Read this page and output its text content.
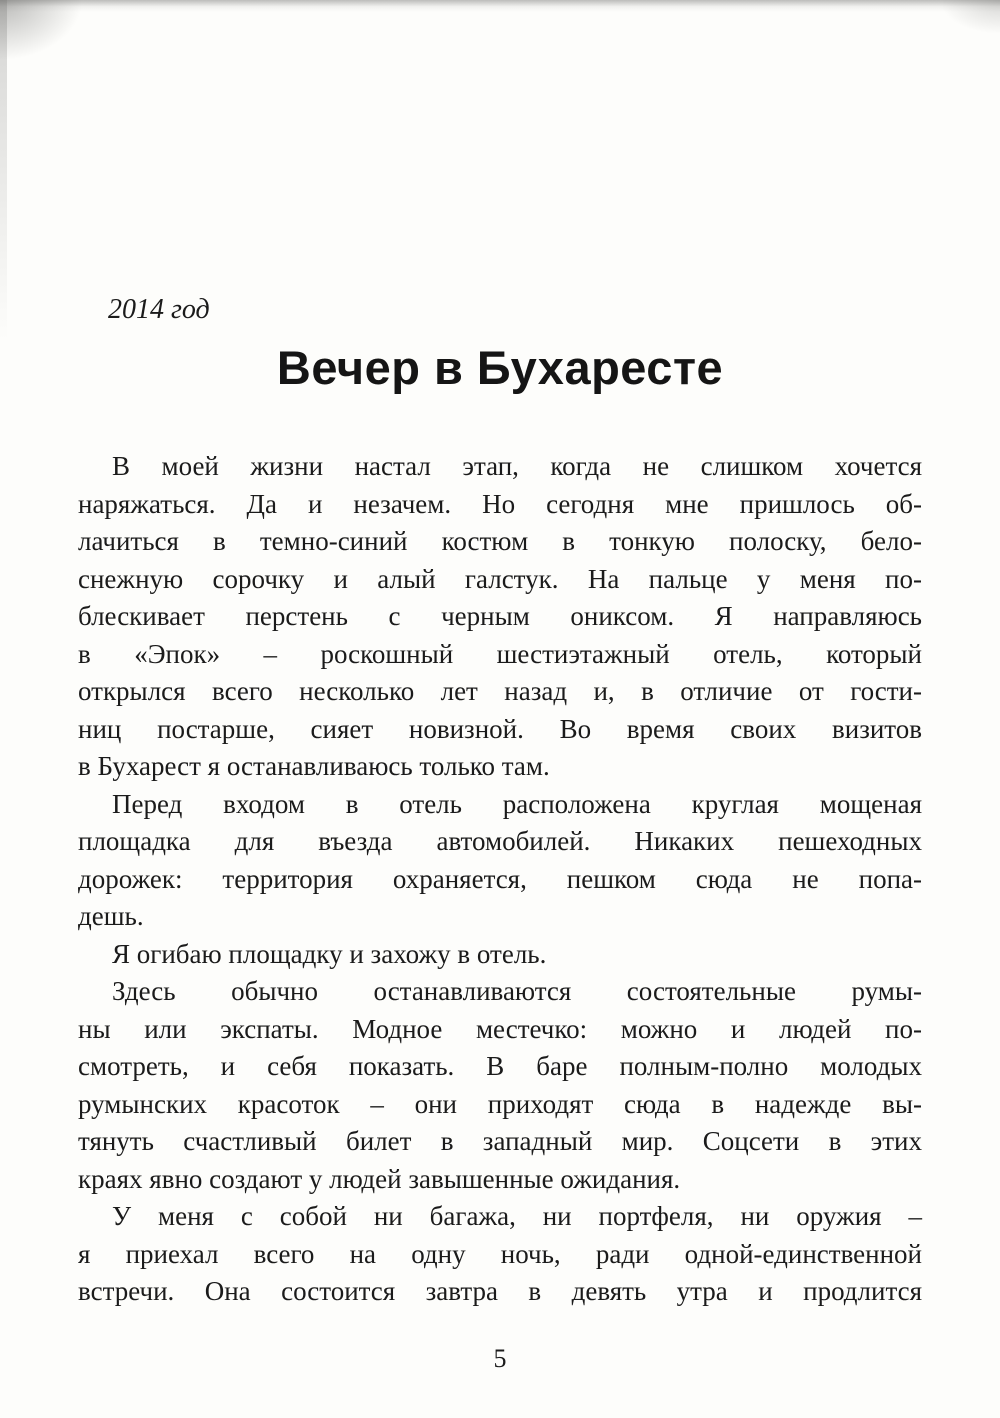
2014 год
Вечер в Бухаресте

В моей жизни настал этап, когда не слишком хочется
наряжаться. Да и незачем. Но сегодня мне пришлось об-
лачиться в темно-синий костюм в тонкую полоску, бело-
снежную сорочку и алый галстук. На пальце у меня по-
блескивает перстень с черным ониксом. Я направляюсь
в «Эпок» – роскошный шестиэтажный отель, который
открылся всего несколько лет назад и, в отличие от гости-
ниц постарше, сияет новизной. Во время своих визитов
в Бухарест я останавливаюсь только там.

Перед входом в отель расположена круглая мощеная
площадка для въезда автомобилей. Никаких пешеходных
дорожек: территория охраняется, пешком сюда не попа-
дешь.

Я огибаю площадку и захожу в отель.

Здесь обычно останавливаются состоятельные румы-
ны или экспаты. Модное местечко: можно и людей по-
смотреть, и себя показать. В баре полным-полно молодых
румынских красоток – они приходят сюда в надежде вы-
тянуть счастливый билет в западный мир. Соцсети в этих
краях явно создают у людей завышенные ожидания.

У меня с собой ни багажа, ни портфеля, ни оружия –
я приехал всего на одну ночь, ради одной-единственной
встречи. Она состоится завтра в девять утра и продлится

5
